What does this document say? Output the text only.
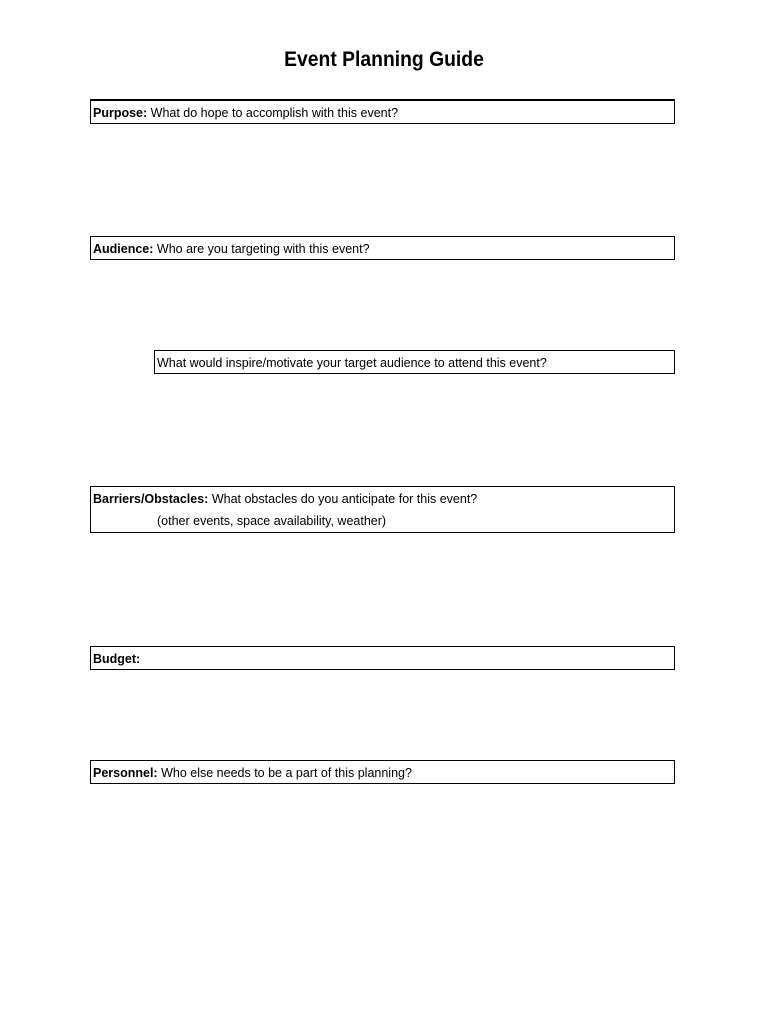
Event Planning Guide
Purpose: What do hope to accomplish with this event?
Audience: Who are you targeting with this event?
What would inspire/motivate your target audience to attend this event?
Barriers/Obstacles: What obstacles do you anticipate for this event?
(other events, space availability, weather)
Budget:
Personnel: Who else needs to be a part of this planning?
